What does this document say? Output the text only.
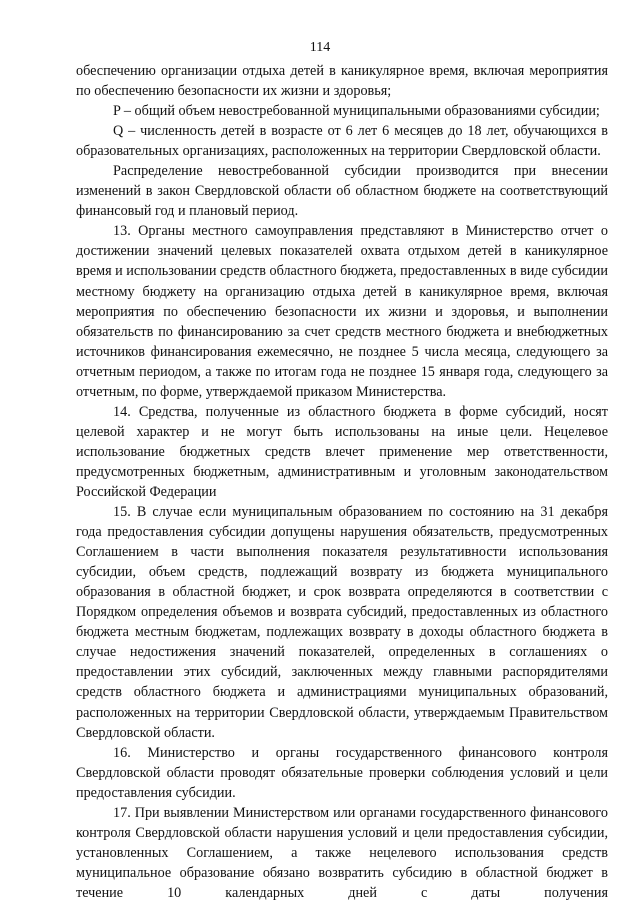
114

обеспечению организации отдыха детей в каникулярное время, включая мероприятия по обеспечению безопасности их жизни и здоровья;

P – общий объем невостребованной муниципальными образованиями субсидии;

Q – численность детей в возрасте от 6 лет 6 месяцев до 18 лет, обучающихся в образовательных организациях, расположенных на территории Свердловской области.

Распределение невостребованной субсидии производится при внесении изменений в закон Свердловской области об областном бюджете на соответствующий финансовый год и плановый период.

13. Органы местного самоуправления представляют в Министерство отчет о достижении значений целевых показателей охвата отдыхом детей в каникулярное время и использовании средств областного бюджета, предоставленных в виде субсидии местному бюджету на организацию отдыха детей в каникулярное время, включая мероприятия по обеспечению безопасности их жизни и здоровья, и выполнении обязательств по финансированию за счет средств местного бюджета и внебюджетных источников финансирования ежемесячно, не позднее 5 числа месяца, следующего за отчетным периодом, а также по итогам года не позднее 15 января года, следующего за отчетным, по форме, утверждаемой приказом Министерства.

14. Средства, полученные из областного бюджета в форме субсидий, носят целевой характер и не могут быть использованы на иные цели. Нецелевое использование бюджетных средств влечет применение мер ответственности, предусмотренных бюджетным, административным и уголовным законодательством Российской Федерации

15. В случае если муниципальным образованием по состоянию на 31 декабря года предоставления субсидии допущены нарушения обязательств, предусмотренных Соглашением в части выполнения показателя результативности использования субсидии, объем средств, подлежащий возврату из бюджета муниципального образования в областной бюджет, и срок возврата определяются в соответствии с Порядком определения объемов и возврата субсидий, предоставленных из областного бюджета местным бюджетам, подлежащих возврату в доходы областного бюджета в случае недостижения значений показателей, определенных в соглашениях о предоставлении этих субсидий, заключенных между главными распорядителями средств областного бюджета и администрациями муниципальных образований, расположенных на территории Свердловской области, утверждаемым Правительством Свердловской области.

16. Министерство и органы государственного финансового контроля Свердловской области проводят обязательные проверки соблюдения условий и цели предоставления субсидии.

17. При выявлении Министерством или органами государственного финансового контроля Свердловской области нарушения условий и цели предоставления субсидии, установленных Соглашением, а также нецелевого использования средств муниципальное образование обязано возвратить субсидию в областной бюджет в течение 10 календарных дней с даты получения
